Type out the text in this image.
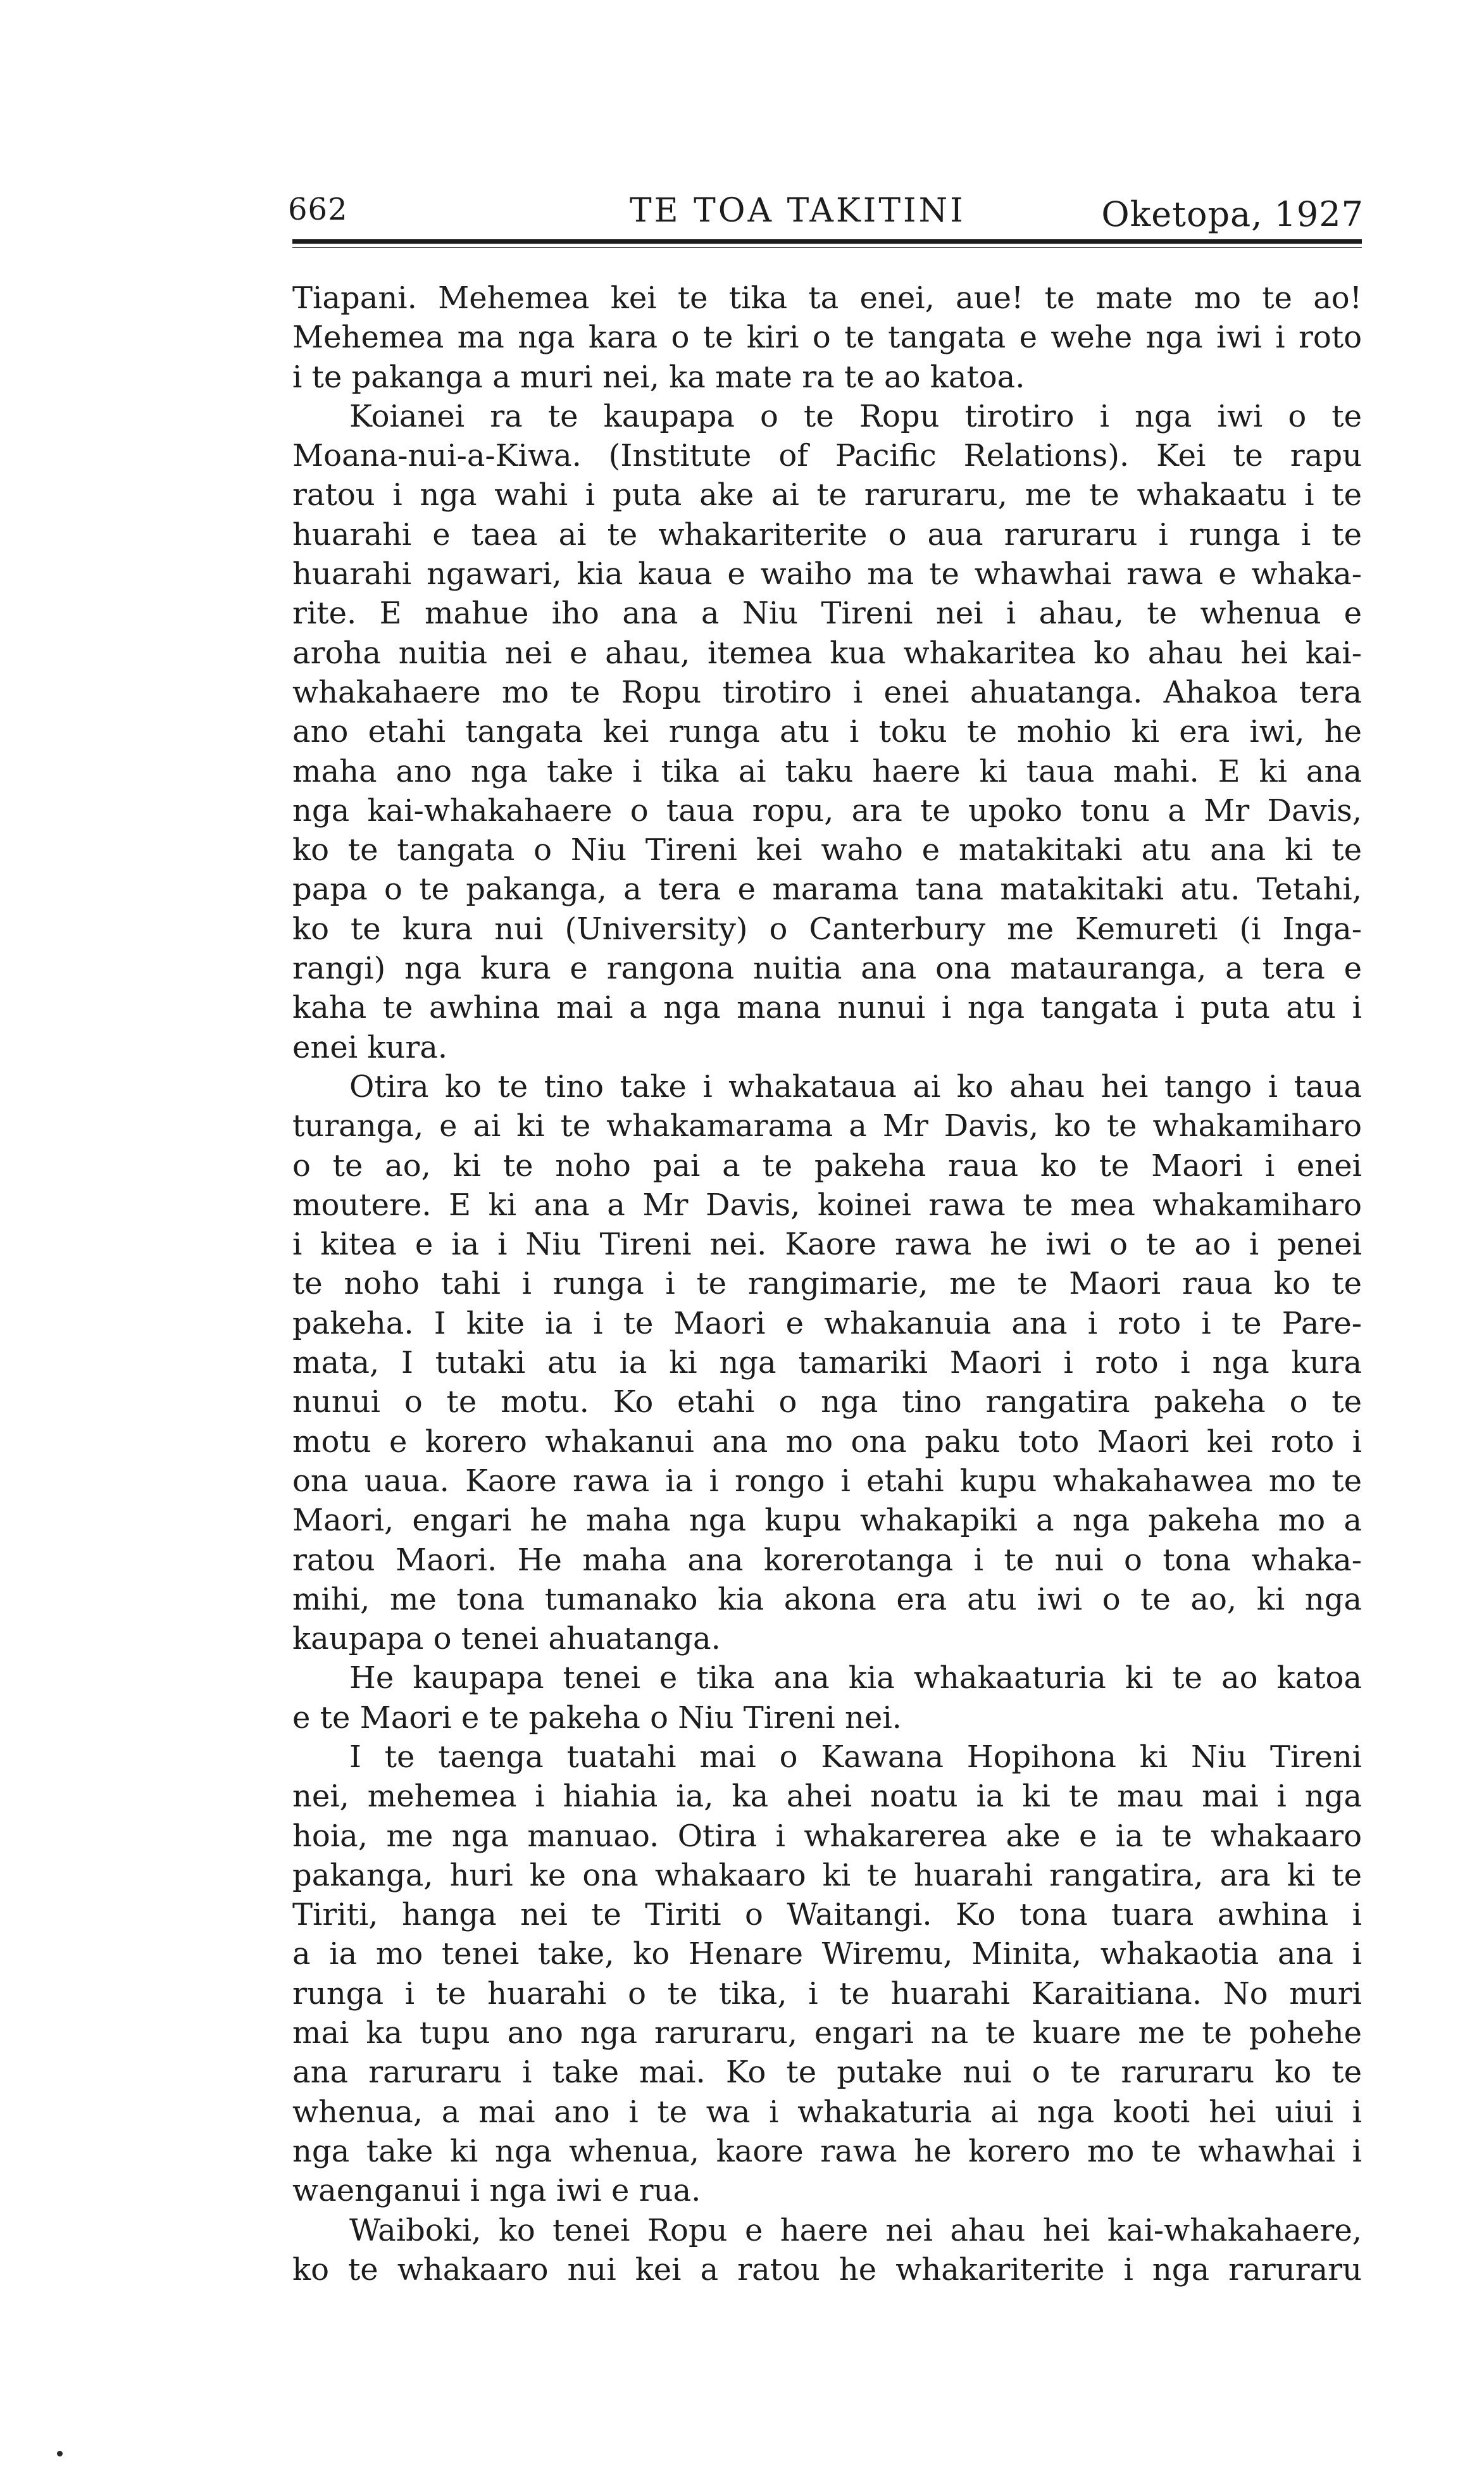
662	TE TOA TAKITINI	Oketopa, 1927
Tiapani. Mehemea kei te tika ta enei, aue! te mate mo te ao!
Mehemea ma nga kara o te kiri o te tangata e wehe nga iwi i roto
i te pakanga a muri nei, ka mate ra te ao katoa.
Koianei ra te kaupapa o te Ropu tirotiro i nga iwi o te
Moana-nui-a-Kiwa. (Institute of Pacific Relations). Kei te rapu
ratou i nga wahi i puta ake ai te raruraru, me te whakaatu i te
huarahi e taea ai te whakariterite o aua raruraru i runga i te
huarahi ngawari, kia kaua e waiho ma te whawhai rawa e whaka-
rite. E mahue iho ana a Niu Tireni nei i ahau, te whenua e
aroha nuitia nei e ahau, itemea kua whakaritea ko ahau hei kai-
whakahaere mo te Ropu tirotiro i enei ahuatanga. Ahakoa tera
ano etahi tangata kei runga atu i toku te mohio ki era iwi, he
maha ano nga take i tika ai taku haere ki taua mahi. E ki ana
nga kai-whakahaere o taua ropu, ara te upoko tonu a Mr Davis,
ko te tangata o Niu Tireni kei waho e matakitaki atu ana ki te
papa o te pakanga, a tera e marama tana matakitaki atu. Tetahi,
ko te kura nui (University) o Canterbury me Kemureti (i Inga-
rangi) nga kura e rangona nuitia ana ona matauranga, a tera e
kaha te awhina mai a nga mana nunui i nga tangata i puta atu i
enei kura.
Otira ko te tino take i whakatauа ai ko ahau hei tango i taua
turanga, e ai ki te whakamarama a Mr Davis, ko te whakamiharo
o te ao, ki te noho pai a te pakeha raua ko te Maori i enei
moutere. E ki ana a Mr Davis, koinei rawa te mea whakamiharo
i kitea e ia i Niu Tireni nei. Kaore rawa he iwi o te ao i penei
te noho tahi i runga i te rangimarie, me te Maori raua ko te
pakeha. I kite ia i te Maori e whakanuia ana i roto i te Pare-
mata, I tutaki atu ia ki nga tamariki Maori i roto i nga kura
nunui o te motu. Ko etahi o nga tino rangatira pakeha o te
motu e korero whakanui ana mo ona paku toto Maori kei roto i
ona uaua. Kaore rawa ia i rongo i etahi kupu whakahawea mo te
Maori, engari he maha nga kupu whakapiki a nga pakeha mo a
ratou Maori. He maha ana korerotanga i te nui o tona whaka-
mihi, me tona tumanako kia akona era atu iwi o te ao, ki nga
kaupapa o tenei ahuatanga.
He kaupapa tenei e tika ana kia whakaaturia ki te ao katoa
e te Maori e te pakeha o Niu Tireni nei.
I te taenga tuatahi mai o Kawana Hopihona ki Niu Tireni
nei, mehemea i hiahia ia, ka ahei noatu ia ki te mau mai i nga
hoia, me nga manuao. Otira i whakarerea ake e ia te whakaaro
pakanga, huri ke ona whakaaro ki te huarahi rangatira, ara ki te
Tiriti, hanga nei te Tiriti o Waitangi. Ko tona tuara awhina i
a ia mo tenei take, ko Henare Wiremu, Minita, whakaotia ana i
runga i te huarahi o te tika, i te huarahi Karaitiana. No muri
mai ka tupu ano nga raruraru, engari na te kuare me te pohehe
ana raruraru i take mai. Ko te putake nui o te raruraru ko te
whenua, a mai ano i te wa i whakaturia ai nga kooti hei uiui i
nga take ki nga whenua, kaore rawa he korero mo te whawhai i
waenganui i nga iwi e rua.
Waiboki, ko tenei Ropu e haere nei ahau hei kai-whakahaere,
ko te whakaaro nui kei a ratou he whakariterite i nga raruraru
